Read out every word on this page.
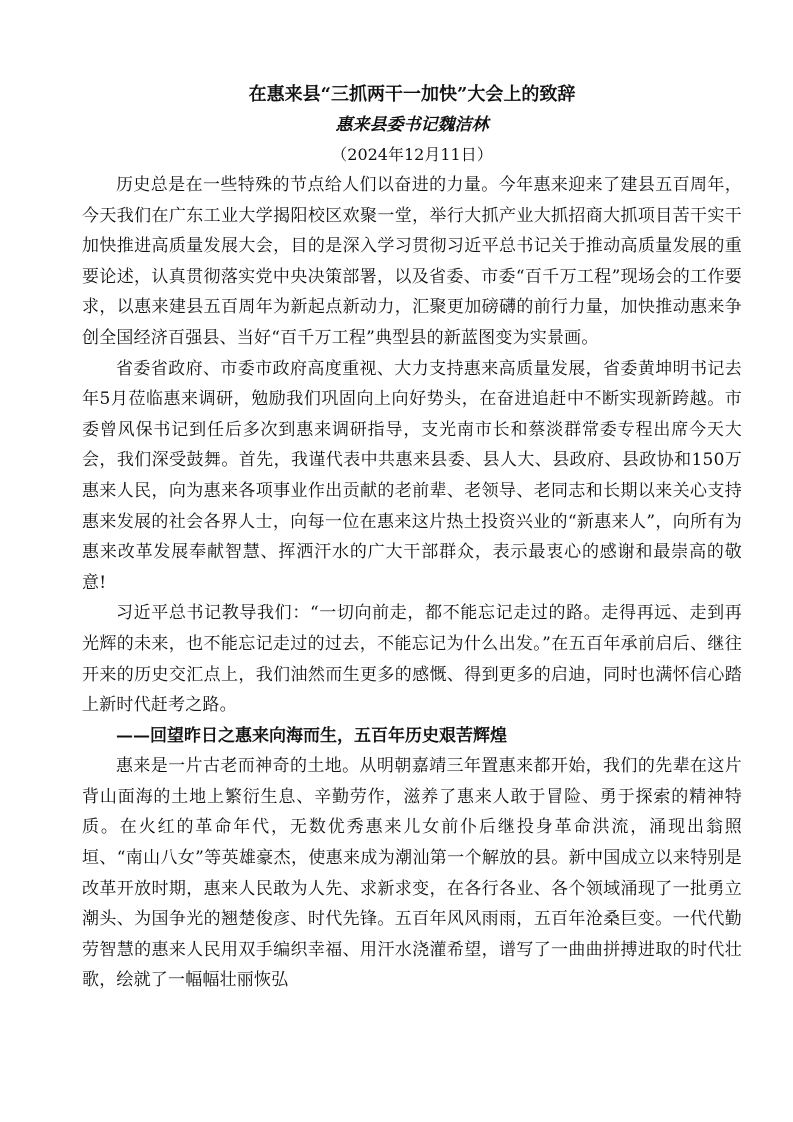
在惠来县“三抓两干一加快”大会上的致辞
惠来县委书记魏洁林
（2024年12月11日）

历史总是在一些特殊的节点给人们以奋进的力量。今年惠来迎来了建县五百周年，今天我们在广东工业大学揭阳校区欢聚一堂，举行大抓产业大抓招商大抓项目苦干实干加快推进高质量发展大会，目的是深入学习贯彻习近平总书记关于推动高质量发展的重要论述，认真贯彻落实党中央决策部署，以及省委、市委“百千万工程”现场会的工作要求，以惠来建县五百周年为新起点新动力，汇聚更加磅礴的前行力量，加快推动惠来争创全国经济百强县、当好“百千万工程”典型县的新蓝图变为实景画。

省委省政府、市委市政府高度重视、大力支持惠来高质量发展，省委黄坤明书记去年5月莅临惠来调研，勉励我们巩固向上向好势头，在奋进追赶中不断实现新跨越。市委曾风保书记到任后多次到惠来调研指导，支光南市长和蔡淡群常委专程出席今天大会，我们深受鼓舞。首先，我谨代表中共惠来县委、县人大、县政府、县政协和150万惠来人民，向为惠来各项事业作出贡献的老前辈、老领导、老同志和长期以来关心支持惠来发展的社会各界人士，向每一位在惠来这片热土投资兴业的“新惠来人”，向所有为惠来改革发展奉献智慧、挥洒汗水的广大干部群众，表示最衷心的感谢和最崇高的敬意!

习近平总书记教导我们：“一切向前走，都不能忘记走过的路。走得再远、走到再光辉的未来，也不能忘记走过的过去，不能忘记为什么出发。”在五百年承前启后、继往开来的历史交汇点上，我们油然而生更多的感慨、得到更多的启迪，同时也满怀信心踏上新时代赶考之路。

——回望昨日之惠来向海而生，五百年历史艰苦辉煌

惠来是一片古老而神奇的土地。从明朝嘉靖三年置惠来都开始，我们的先辈在这片背山面海的土地上繁衍生息、辛勤劳作，滋养了惠来人敢于冒险、勇于探索的精神特质。在火红的革命年代，无数优秀惠来儿女前仆后继投身革命洪流，涌现出翁照垣、“南山八女”等英雄豪杰，使惠来成为潮汕第一个解放的县。新中国成立以来特别是改革开放时期，惠来人民敢为人先、求新求变，在各行各业、各个领域涌现了一批勇立潮头、为国争光的翘楚俊彦、时代先锋。五百年风风雨雨，五百年沧桑巨变。一代代勤劳智慧的惠来人民用双手编织幸福、用汗水浇灌希望，谱写了一曲曲拼搏进取的时代壮歌，绘就了一幅幅壮丽恢弘
